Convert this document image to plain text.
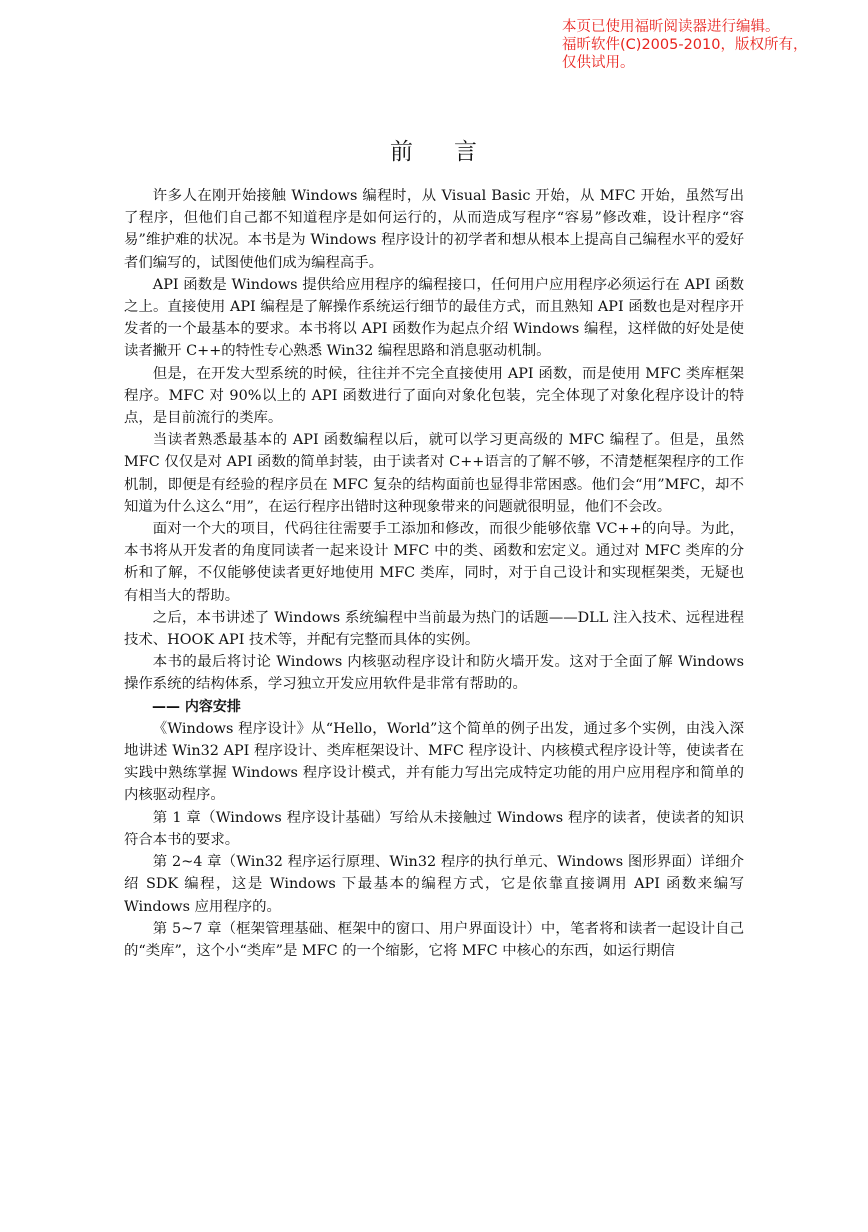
本页已使用福昕阅读器进行编辑。
福昕软件(C)2005-2010，版权所有，
仅供试用。
前 言

许多人在刚开始接触 Windows 编程时，从 Visual Basic 开始，从 MFC 开始，虽然写出了程序，但他们自己都不知道程序是如何运行的，从而造成写程序“容易”修改难，设计程序“容易”维护难的状况。本书是为 Windows 程序设计的初学者和想从根本上提高自己编程水平的爱好者们编写的，试图使他们成为编程高手。

API 函数是 Windows 提供给应用程序的编程接口，任何用户应用程序必须运行在 API 函数之上。直接使用 API 编程是了解操作系统运行细节的最佳方式，而且熟知 API 函数也是对程序开发者的一个最基本的要求。本书将以 API 函数作为起点介绍 Windows 编程，这样做的好处是使读者撇开 C++的特性专心熟悉 Win32 编程思路和消息驱动机制。

但是，在开发大型系统的时候，往往并不完全直接使用 API 函数，而是使用 MFC 类库框架程序。MFC 对 90%以上的 API 函数进行了面向对象化包装，完全体现了对象化程序设计的特点，是目前流行的类库。

当读者熟悉最基本的 API 函数编程以后，就可以学习更高级的 MFC 编程了。但是，虽然 MFC 仅仅是对 API 函数的简单封装，由于读者对 C++语言的了解不够，不清楚框架程序的工作机制，即便是有经验的程序员在 MFC 复杂的结构面前也显得非常困惑。他们会“用”MFC，却不知道为什么这么“用”，在运行程序出错时这种现象带来的问题就很明显，他们不会改。

面对一个大的项目，代码往往需要手工添加和修改，而很少能够依靠 VC++的向导。为此，本书将从开发者的角度同读者一起来设计 MFC 中的类、函数和宏定义。通过对 MFC 类库的分析和了解，不仅能够使读者更好地使用 MFC 类库，同时，对于自己设计和实现框架类，无疑也有相当大的帮助。

之后，本书讲述了 Windows 系统编程中当前最为热门的话题——DLL 注入技术、远程进程技术、HOOK API 技术等，并配有完整而具体的实例。

本书的最后将讨论 Windows 内核驱动程序设计和防火墙开发。这对于全面了解 Windows 操作系统的结构体系，学习独立开发应用软件是非常有帮助的。

—— 内容安排

《Windows 程序设计》从“Hello，World”这个简单的例子出发，通过多个实例，由浅入深地讲述 Win32 API 程序设计、类库框架设计、MFC 程序设计、内核模式程序设计等，使读者在实践中熟练掌握 Windows 程序设计模式，并有能力写出完成特定功能的用户应用程序和简单的内核驱动程序。

第 1 章（Windows 程序设计基础）写给从未接触过 Windows 程序的读者，使读者的知识符合本书的要求。

第 2~4 章（Win32 程序运行原理、Win32 程序的执行单元、Windows 图形界面）详细介绍 SDK 编程，这是 Windows 下最基本的编程方式，它是依靠直接调用 API 函数来编写 Windows 应用程序的。

第 5~7 章（框架管理基础、框架中的窗口、用户界面设计）中，笔者将和读者一起设计自己的“类库”，这个小“类库”是 MFC 的一个缩影，它将 MFC 中核心的东西，如运行期信
